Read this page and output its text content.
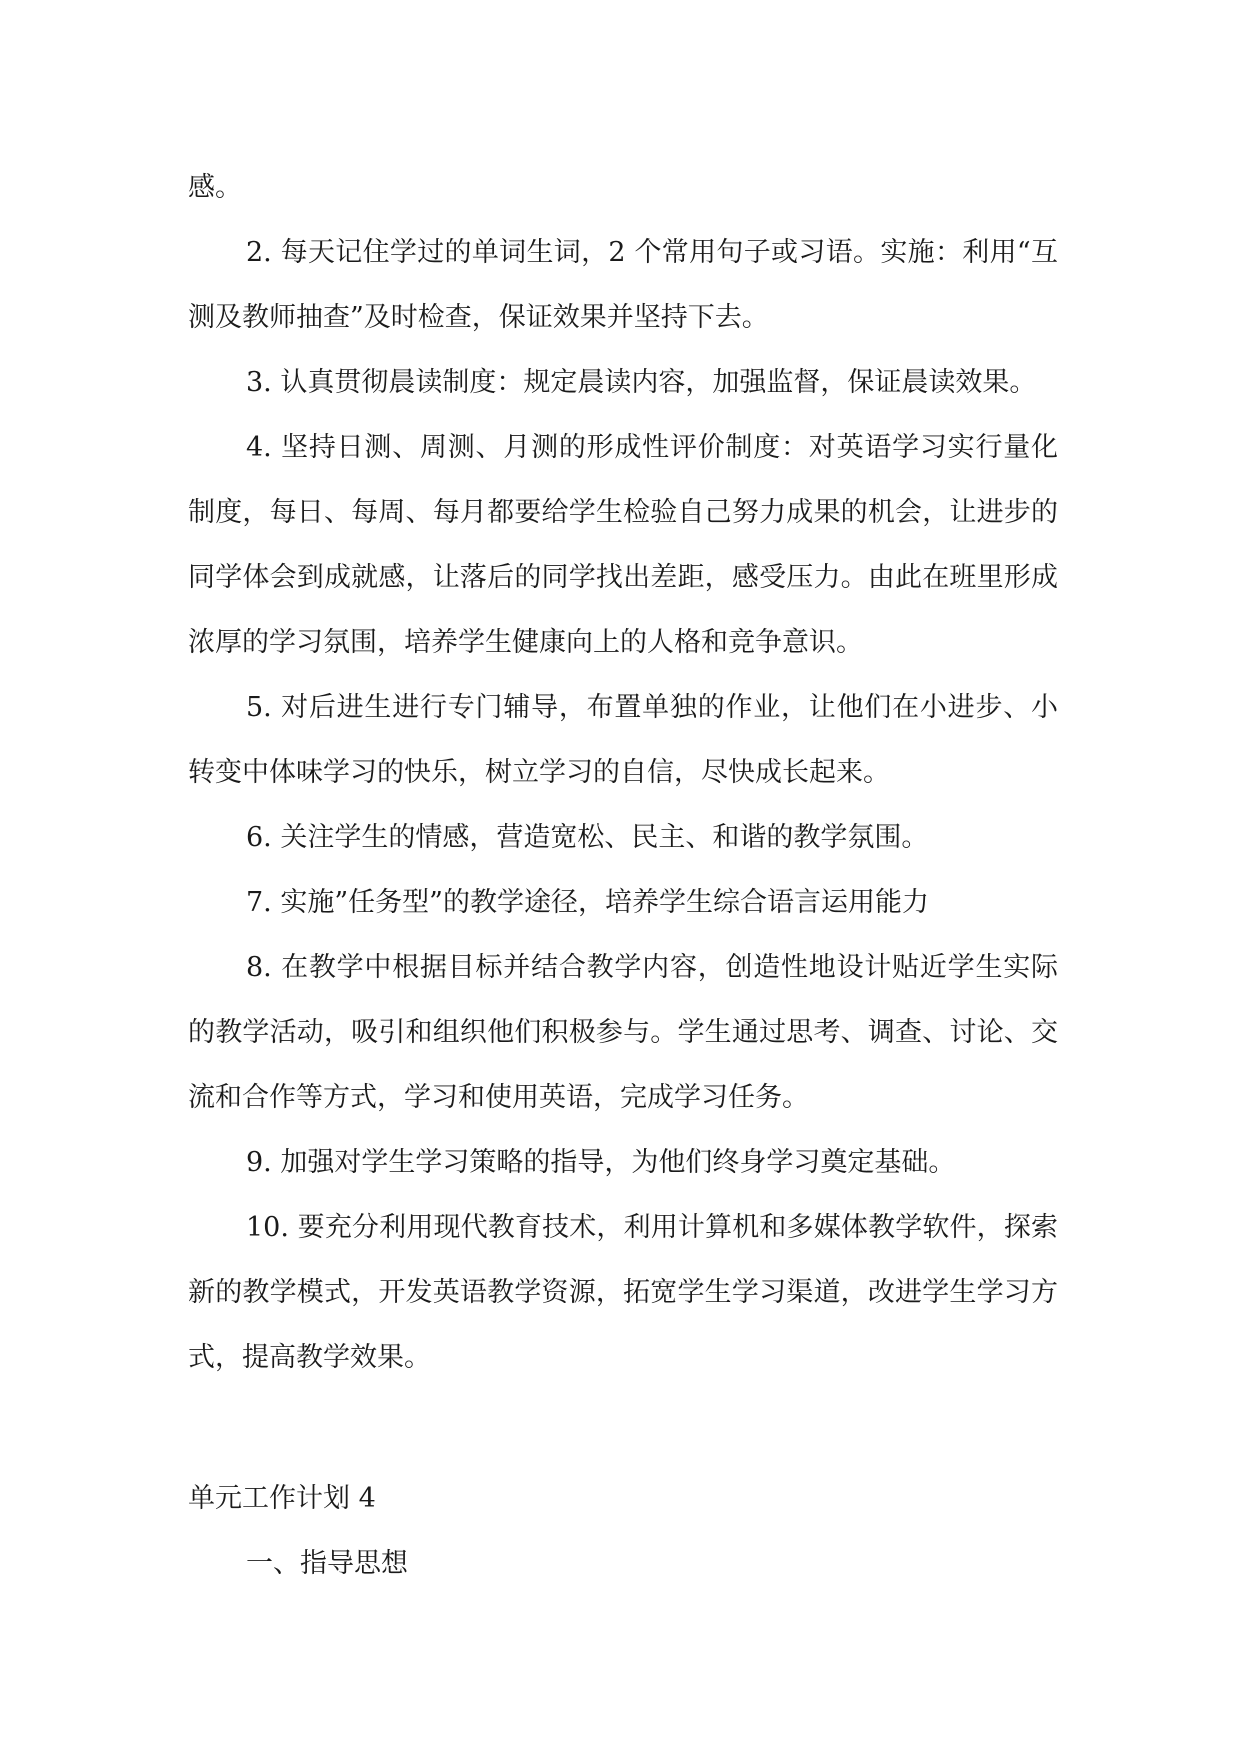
感。

2. 每天记住学过的单词生词，2 个常用句子或习语。实施：利用“互测及教师抽查”及时检查，保证效果并坚持下去。

3. 认真贯彻晨读制度：规定晨读内容，加强监督，保证晨读效果。

4. 坚持日测、周测、月测的形成性评价制度：对英语学习实行量化制度，每日、每周、每月都要给学生检验自己努力成果的机会，让进步的同学体会到成就感，让落后的同学找出差距，感受压力。由此在班里形成浓厚的学习氛围，培养学生健康向上的人格和竞争意识。

5. 对后进生进行专门辅导，布置单独的作业，让他们在小进步、小转变中体味学习的快乐，树立学习的自信，尽快成长起来。

6. 关注学生的情感，营造宽松、民主、和谐的教学氛围。

7. 实施”任务型”的教学途径，培养学生综合语言运用能力

8. 在教学中根据目标并结合教学内容，创造性地设计贴近学生实际的教学活动，吸引和组织他们积极参与。学生通过思考、调查、讨论、交流和合作等方式，学习和使用英语，完成学习任务。

9. 加强对学生学习策略的指导，为他们终身学习奠定基础。

10. 要充分利用现代教育技术，利用计算机和多媒体教学软件，探索新的教学模式，开发英语教学资源，拓宽学生学习渠道，改进学生学习方式，提高教学效果。

单元工作计划 4

一、指导思想
